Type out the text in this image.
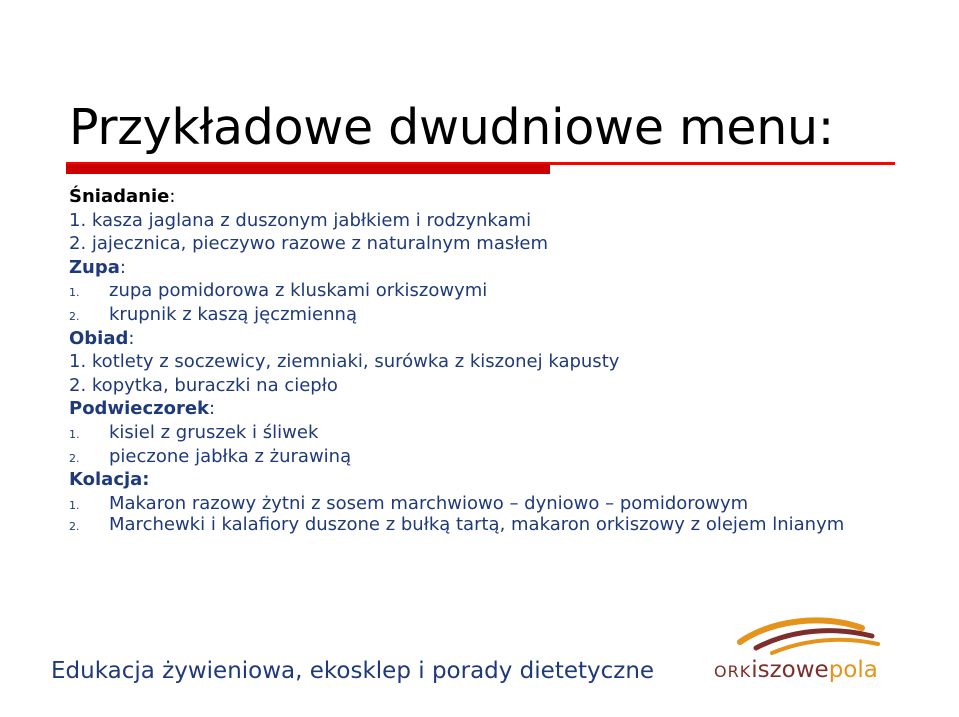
Przykładowe dwudniowe menu:
Śniadanie:
1. kasza jaglana z duszonym jabłkiem i rodzynkami
2. jajecznica, pieczywo razowe z naturalnym masłem
Zupa:
1. zupa pomidorowa z kluskami orkiszowymi
2. krupnik z kaszą jęczmienną
Obiad:
1. kotlety z soczewicy, ziemniaki, surówka z kiszonej kapusty
2. kopytka, buraczki na ciepło
Podwieczorek:
1. kisiel z gruszek i śliwek
2. pieczone jabłka z żurawiną
Kolacja:
1. Makaron razowy żytni z sosem marchwiowo – dyniowo – pomidorowym
2.	Marchewki i kalafiory duszone z bułką tartą, makaron orkiszowy z olejem lnianym
Edukacja żywieniowa, ekosklep i porady dietetyczne	ORKiszowepola
